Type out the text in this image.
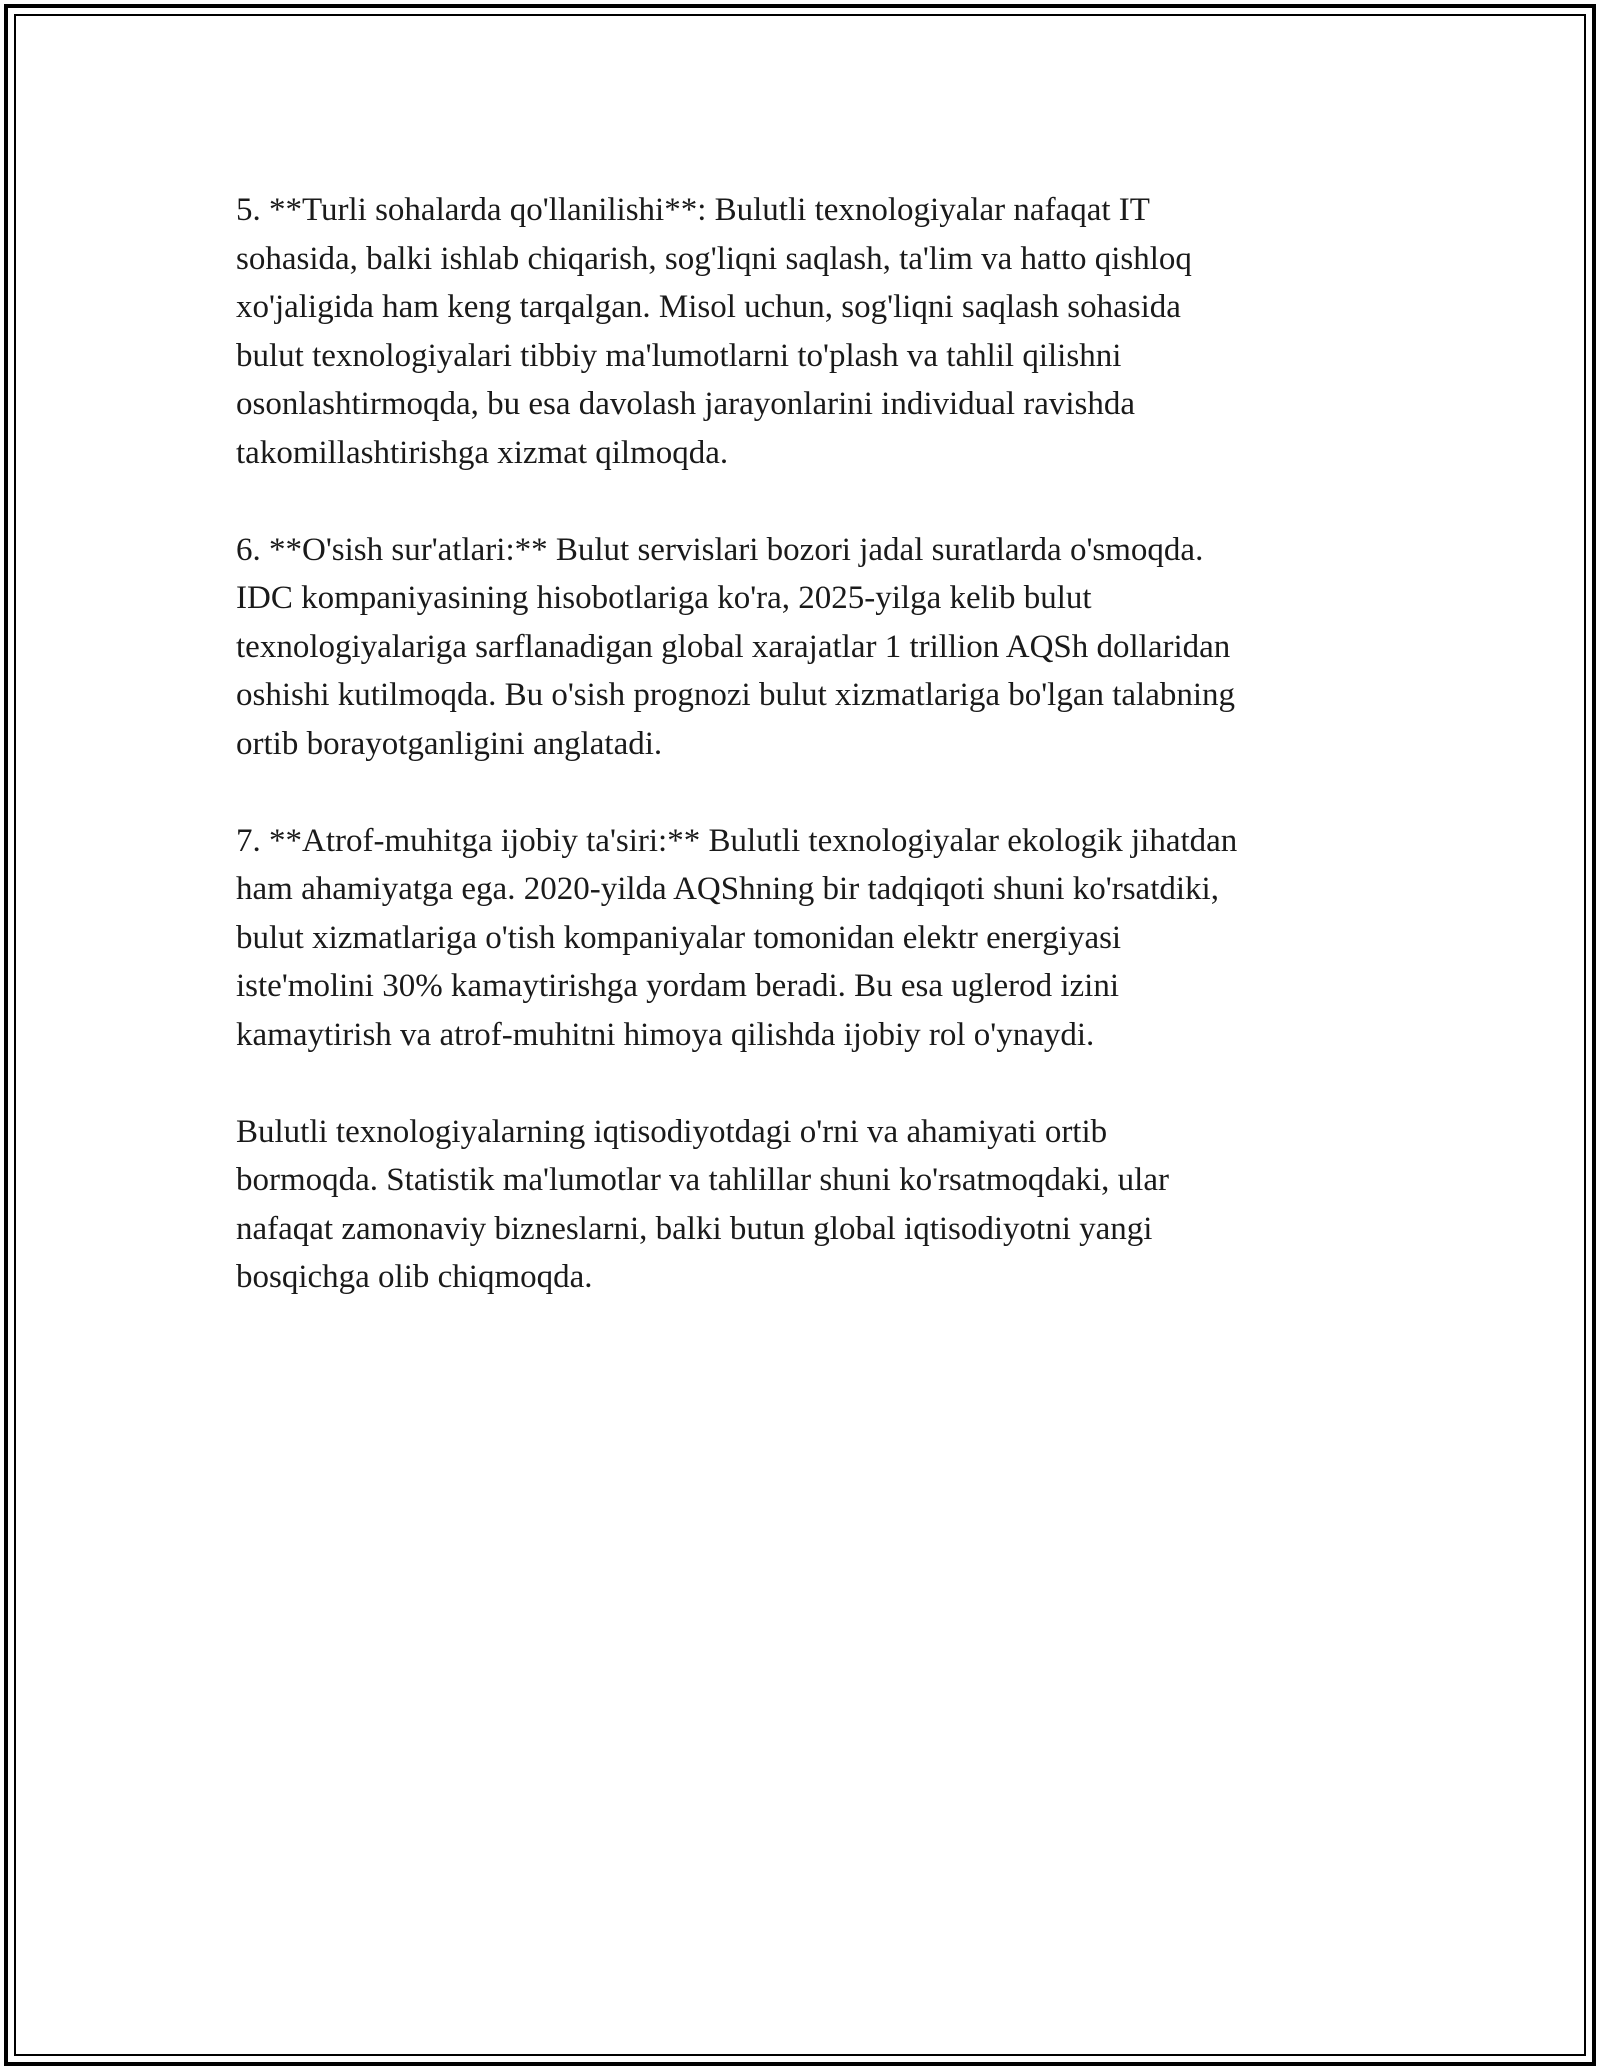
5. **Turli sohalarda qo'llanilishi**: Bulutli texnologiyalar nafaqat IT
sohasida, balki ishlab chiqarish, sog'liqni saqlash, ta'lim va hatto qishloq
xo'jaligida ham keng tarqalgan. Misol uchun, sog'liqni saqlash sohasida
bulut texnologiyalari tibbiy ma'lumotlarni to'plash va tahlil qilishni
osonlashtirmoqda, bu esa davolash jarayonlarini individual ravishda
takomillashtirishga xizmat qilmoqda.

6. **O'sish sur'atlari:** Bulut servislari bozori jadal suratlarda o'smoqda.
IDC kompaniyasining hisobotlariga ko'ra, 2025-yilga kelib bulut
texnologiyalariga sarflanadigan global xarajatlar 1 trillion AQSh dollaridan
oshishi kutilmoqda. Bu o'sish prognozi bulut xizmatlariga bo'lgan talabning
ortib borayotganligini anglatadi.

7. **Atrof-muhitga ijobiy ta'siri:** Bulutli texnologiyalar ekologik jihatdan
ham ahamiyatga ega. 2020-yilda AQShning bir tadqiqoti shuni ko'rsatdiki,
bulut xizmatlariga o'tish kompaniyalar tomonidan elektr energiyasi
iste'molini 30% kamaytirishga yordam beradi. Bu esa uglerod izini
kamaytirish va atrof-muhitni himoya qilishda ijobiy rol o'ynaydi.

Bulutli texnologiyalarning iqtisodiyotdagi o'rni va ahamiyati ortib
bormoqda. Statistik ma'lumotlar va tahlillar shuni ko'rsatmoqdaki, ular
nafaqat zamonaviy bizneslarni, balki butun global iqtisodiyotni yangi
bosqichga olib chiqmoqda.
